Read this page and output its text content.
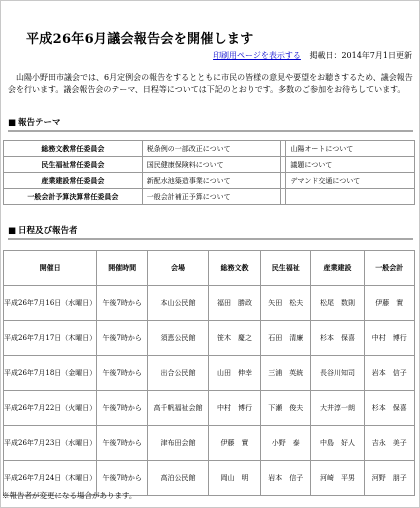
平成26年6月議会報告会を開催します
印刷用ページを表示する 掲載日：2014年7月1日更新

山陽小野田市議会では、6月定例会の報告をするとともに市民の皆様の意見や要望をお聴きするため、議会報告会を行います。議会報告会のテーマ、日程等については下記のとおりです。多数のご参加をお待ちしています。

■ 報告テーマ
総務文教常任委員会	税条例の一部改正について		山陽オートについて
民生福祉常任委員会	国民健康保険料について		議題について
産業建設常任委員会	新配水池築造事業について		デマンド交通について
一般会計予算決算常任委員会	一般会計補正予算について		
■ 日程及び報告者
開催日	開催時間	会場	総務文教	民生福祉	産業建設	一般会計
平成26年7月16日（水曜日）	午後7時から	本山公民館	福田　勝政	矢田　松夫	松尾　数則	伊藤　實
平成26年7月17日（木曜日）	午後7時から	須恵公民館	笹木　慶之	石田　清廉	杉本　保喜	中村　博行
平成26年7月18日（金曜日）	午後7時から	出合公民館	山田　伸幸	三浦　英統	長谷川知司	岩本　信子
平成26年7月22日（火曜日）	午後7時から	高千帆福祉会館	中村　博行	下瀬　俊夫	大井淳一朗	杉本　保喜
平成26年7月23日（水曜日）	午後7時から	津布田会館	伊藤　實	小野　泰	中島　好人	吉永　美子
平成26年7月24日（木曜日）	午後7時から	高泊公民館	岡山　明	岩本　信子	河崎　平男	河野　朋子
※報告者が変更になる場合があります。
